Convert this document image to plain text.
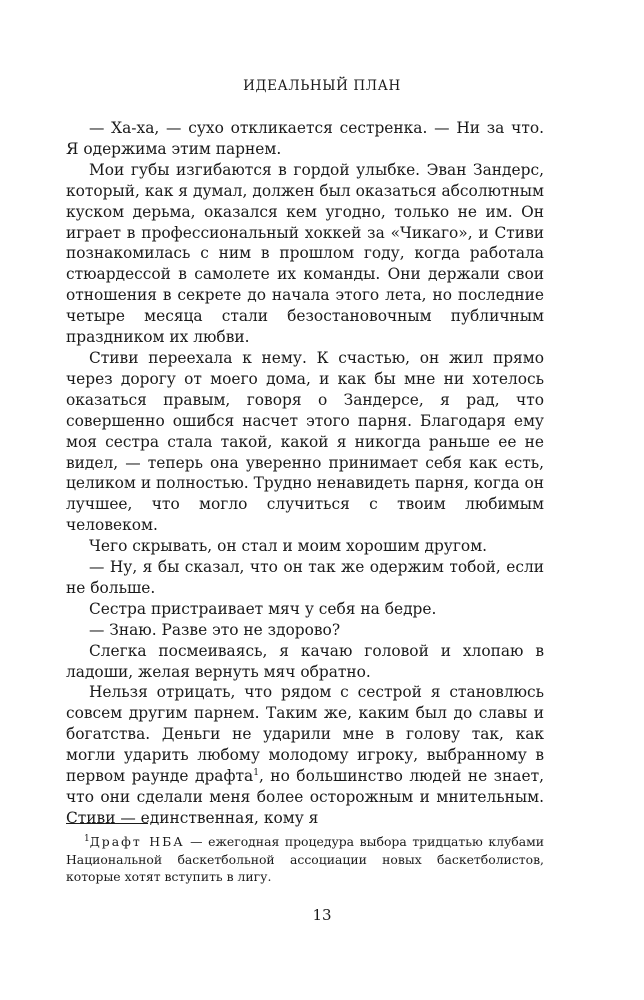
ИДЕАЛЬНЫЙ ПЛАН

— Ха-ха, — сухо откликается сестренка. — Ни за что. Я одержима этим парнем.

Мои губы изгибаются в гордой улыбке. Эван Зандерс, который, как я думал, должен был оказаться абсолютным куском дерьма, оказался кем угодно, только не им. Он играет в профессиональный хоккей за «Чикаго», и Стиви познакомилась с ним в прошлом году, когда работала стюардессой в самолете их команды. Они держали свои отношения в секрете до начала этого лета, но последние четыре месяца стали безостановочным публичным праздником их любви.

Стиви переехала к нему. К счастью, он жил прямо через дорогу от моего дома, и как бы мне ни хотелось оказаться правым, говоря о Зандерсе, я рад, что совершенно ошибся насчет этого парня. Благодаря ему моя сестра стала такой, какой я никогда раньше ее не видел, — теперь она уверенно принимает себя как есть, целиком и полностью. Трудно ненавидеть парня, когда он лучшее, что могло случиться с твоим любимым человеком.

Чего скрывать, он стал и моим хорошим другом.

— Ну, я бы сказал, что он так же одержим тобой, если не больше.

Сестра пристраивает мяч у себя на бедре.

— Знаю. Разве это не здорово?

Слегка посмеиваясь, я качаю головой и хлопаю в ладоши, желая вернуть мяч обратно.

Нельзя отрицать, что рядом с сестрой я становлюсь совсем другим парнем. Таким же, каким был до славы и богатства. Деньги не ударили мне в голову так, как могли ударить любому молодому игроку, выбранному в первом раунде драфта$^1$, но большинство людей не знает, что они сделали меня более осторожным и мнительным. Стиви — единственная, кому я

$^1$Драфт НБА — ежегодная процедура выбора тридцатью клубами Национальной баскетбольной ассоциации новых баскетболистов, которые хотят вступить в лигу.

13
